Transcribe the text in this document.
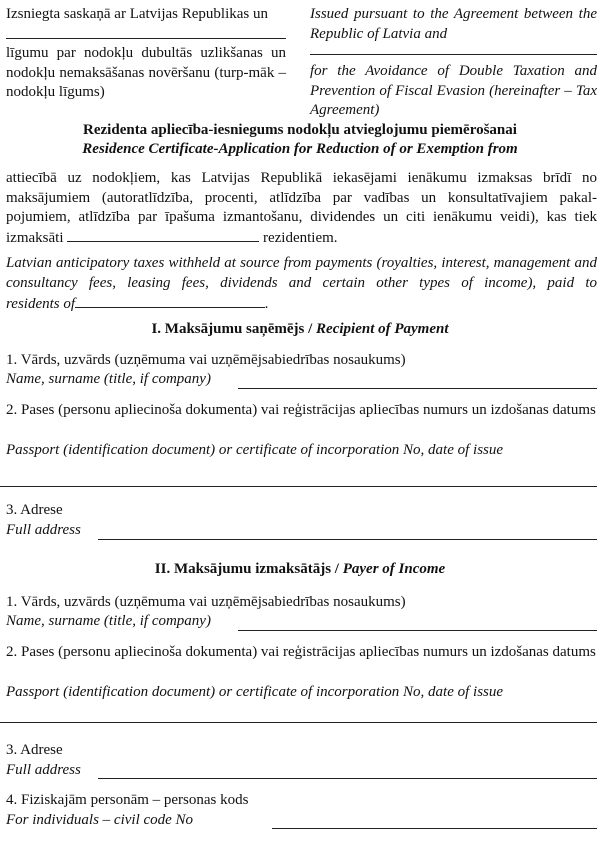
Izsniegta saskaņā ar Latvijas Republikas un
līgumu par nodokļu dubultās uzlikšanas un nodokļu nemaksāšanas novēršanu (turp-māk – nodokļu līgums)
Issued pursuant to the Agreement between the Republic of Latvia and
for the Avoidance of Double Taxation and Prevention of Fiscal Evasion (hereinafter – Tax Agreement)
Rezidenta apliecība-iesniegums nodokļu atvieglojumu piemērošanai
Residence Certificate-Application for Reduction of or Exemption from
attiecībā uz nodokļiem, kas Latvijas Republikā iekasējami ienākumu izmaksas brīdī no maksājumiem (autoratlīdzība, procenti, atlīdzība par vadības un konsultatīvajiem pakal-pojumiem, atlīdzība par īpašuma izmantošanu, dividendes un citi ienākumu veidi), kas tiek
izmaksāti	rezidentiem.
Latvian anticipatory taxes withheld at source from payments (royalties, interest, management and consultancy fees, leasing fees, dividends and certain other types of income), paid to
residents of	.
I. Maksājumu saņēmējs / Recipient of Payment
1. Vārds, uzvārds (uzņēmuma vai uzņēmējsabiedrības nosaukums)
Name, surname (title, if company)
2. Pases (personu apliecinoša dokumenta) vai reģistrācijas apliecības numurs un izdošanas datums
Passport (identification document) or certificate of incorporation No, date of issue
3. Adrese
Full address
II. Maksājumu izmaksātājs / Payer of Income
1. Vārds, uzvārds (uzņēmuma vai uzņēmējsabiedrības nosaukums)
Name, surname (title, if company)
2. Pases (personu apliecinoša dokumenta) vai reģistrācijas apliecības numurs un izdošanas datums
Passport (identification document) or certificate of incorporation No, date of issue
3. Adrese
Full address
4. Fiziskajām personām – personas kods
For individuals – civil code No
